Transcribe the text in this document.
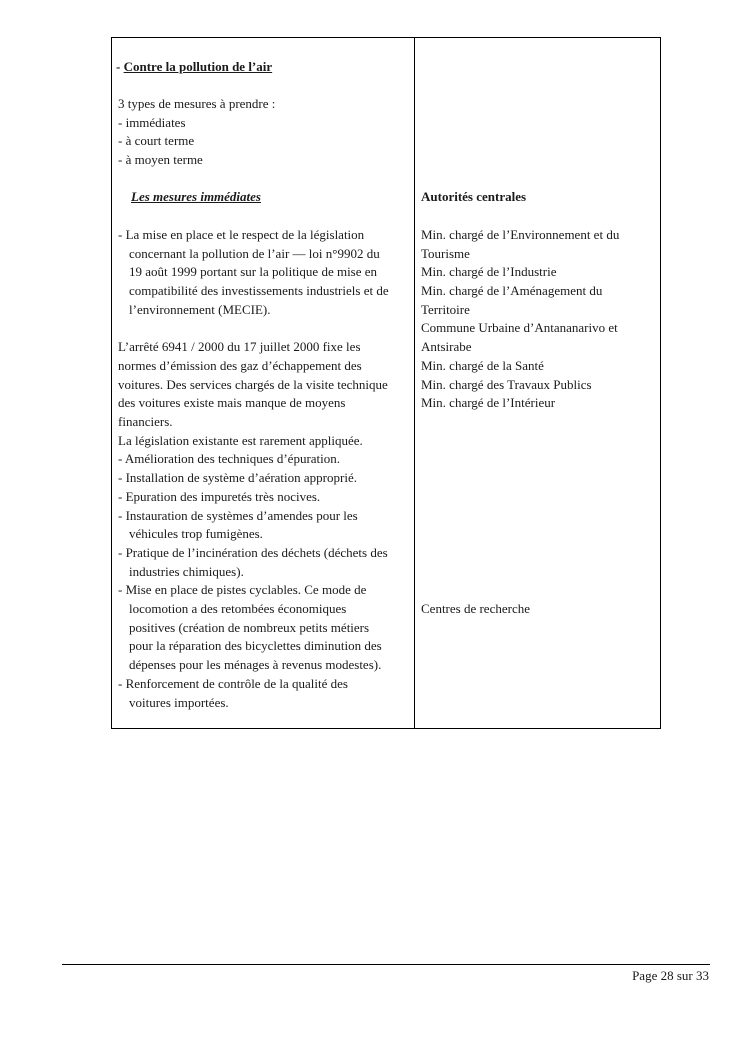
- Contre la pollution de l’air
3 types de mesures à prendre :
- immédiates
- à court terme
- à moyen terme
Les mesures immédiates
- La mise en place et le respect de la législation
concernant la pollution de l’air — loi n°9902 du
19 août 1999 portant sur la politique de mise en
compatibilité des investissements industriels et de
l’environnement (MECIE).
L’arrêté 6941 / 2000 du 17 juillet 2000 fixe les
normes d’émission des gaz d’échappement des
voitures. Des services chargés de la visite technique
des voitures existe mais manque de moyens
financiers.
La législation existante est rarement appliquée.
- Amélioration des techniques d’épuration.
- Installation de système d’aération approprié.
- Epuration des impuretés très nocives.
- Instauration de systèmes d’amendes pour les
véhicules trop fumigènes.
- Pratique de l’incinération des déchets (déchets des
industries chimiques).
- Mise en place de pistes cyclables. Ce mode de
locomotion a des retombées économiques
positives (création de nombreux petits métiers
pour la réparation des bicyclettes diminution des
dépenses pour les ménages à revenus modestes).
- Renforcement de contrôle de la qualité des
voitures importées.
Autorités centrales
Min. chargé de l’Environnement et du
Tourisme
Min. chargé de l’Industrie
Min. chargé de l’Aménagement du
Territoire
Commune Urbaine d’Antananarivo et
Antsirabe
Min. chargé de la Santé
Min. chargé des Travaux Publics
Min. chargé de l’Intérieur
Centres de recherche
Page 28 sur 33
